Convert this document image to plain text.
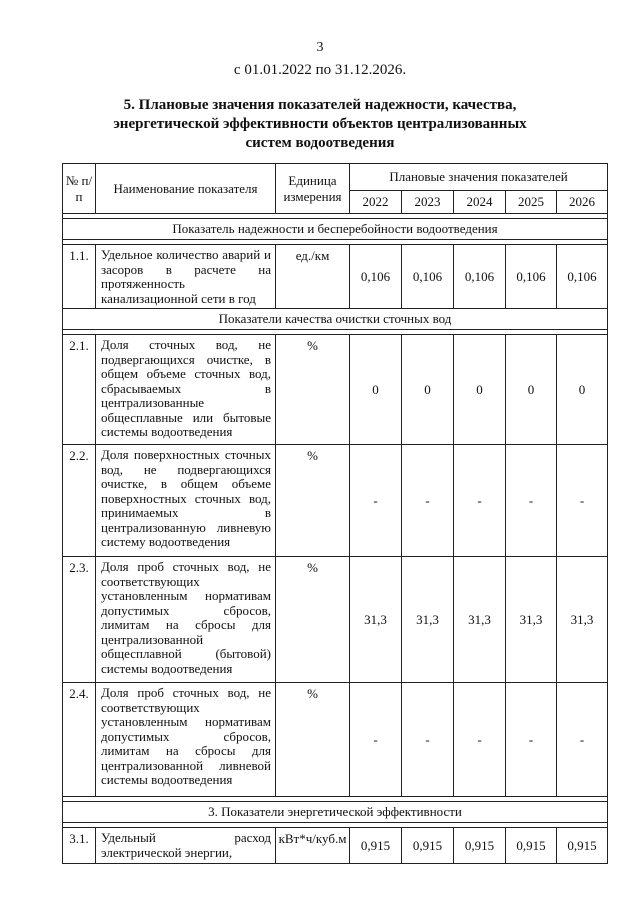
3
с 01.01.2022 по 31.12.2026.
5. Плановые значения показателей надежности, качества, энергетической эффективности объектов централизованных систем водоотведения
№ п/п	Наименование показателя	Единица измерения	Плановые значения показателей				
			2022	2023	2024	2025	2026

Показатель надежности и бесперебойности водоотведения							

1.1.	Удельное количество аварий и засоров в расчете на протяженность канализационной сети в год	ед./км	0,106	0,106	0,106	0,106	0,106
Показатели качества очистки сточных вод							

2.1.	Доля сточных вод, не подвергающихся очистке, в общем объеме сточных вод, сбрасываемых в централизованные общесплавные или бытовые системы водоотведения	%	0	0	0	0	0
2.2.	Доля поверхностных сточных вод, не подвергающихся очистке, в общем объеме поверхностных сточных вод, принимаемых в централизованную ливневую систему водоотведения	%	-	-	-	-	-
2.3.	Доля проб сточных вод, не соответствующих установленным нормативам допустимых сбросов, лимитам на сбросы для централизованной общесплавной (бытовой) системы водоотведения	%	31,3	31,3	31,3	31,3	31,3
2.4.	Доля проб сточных вод, не соответствующих установленным нормативам допустимых сбросов, лимитам на сбросы для централизованной ливневой системы водоотведения	%	-	-	-	-	-

3. Показатели энергетической эффективности							

3.1.	Удельный расход электрической энергии,	кВт*ч/куб.м	0,915	0,915	0,915	0,915	0,915
